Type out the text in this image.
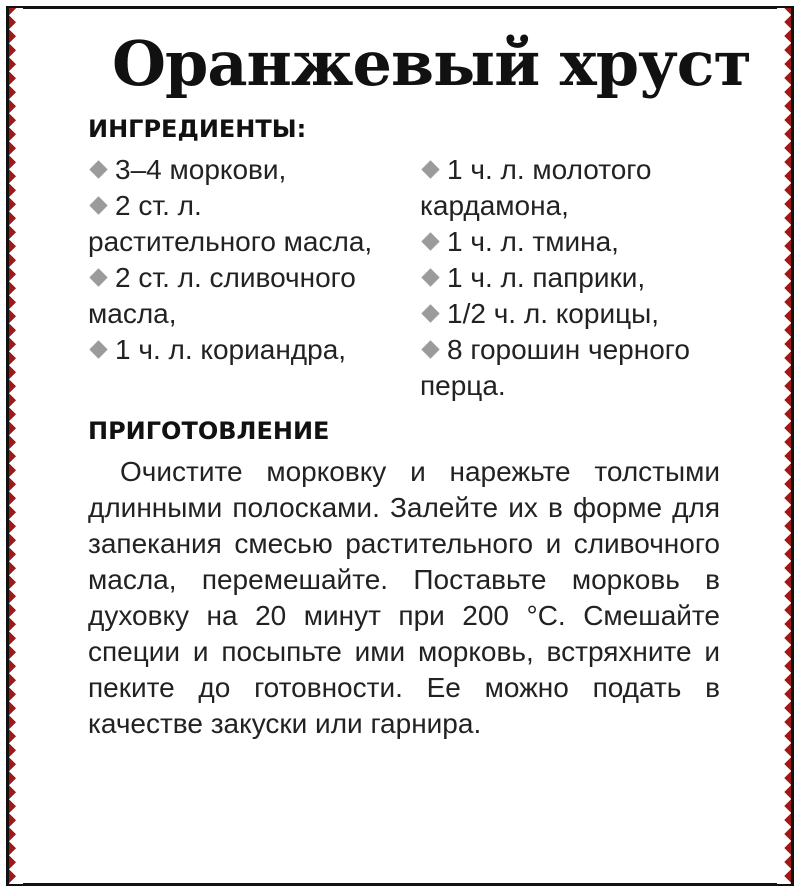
Оранжевый хруст
ИНГРЕДИЕНТЫ:

3–4 моркови,

2 ст. л. растительного масла,

2 ст. л. сливочного масла,

1 ч. л. кориандра,

1 ч. л. молотого кардамона,

1 ч. л. тмина,

1 ч. л. паприки,

1/2 ч. л. корицы,

8 горошин черного перца.

ПРИГОТОВЛЕНИЕ

Очистите морковку и нарежьте толстыми длинными полосками. Залейте их в форме для запекания смесью растительного и сливочного масла, перемешайте. Поставьте морковь в духовку на 20 минут при 200 °С. Смешайте специи и посыпьте ими морковь, встряхните и пеките до готовности. Ее можно подать в качестве закуски или гарнира.
